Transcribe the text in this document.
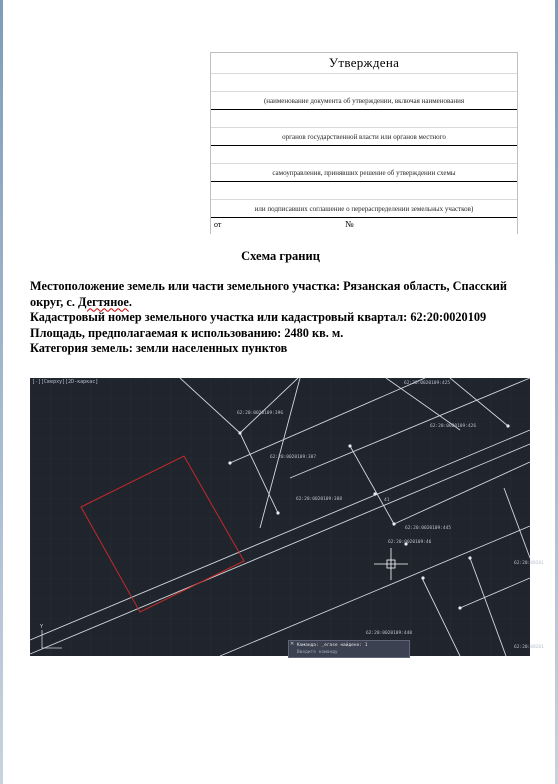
Утверждена
(наименование документа об утверждении, включая наименования
органов государственной власти или органов местного
самоуправления, принявших решение об утверждении схемы
или подписавших соглашение о перераспределении земельных участков)
от	№
Схема границ

Местоположение земель или части земельного участка: Рязанская область, Спасский округ, с. Дегтяное.

Кадастровый номер земельного участка или кадастровый квартал: 62:20:0020109

Площадь, предполагаемая к использованию: 2480 кв. м.

Категория земель: земли населенных пунктов

62:20:0020109:396
62:20:0020109:425
62:20:0020109:426
62:20:0020109:307
62:20:0020109:388
62:20:0020109:445
62:20:0020109:46
62:20:0020109:440
62:20:00201
62:20:00201
41
Y
[-][Сверху][2D-каркас]
✕ Команда: _erase найдено: 1
Введите команду
